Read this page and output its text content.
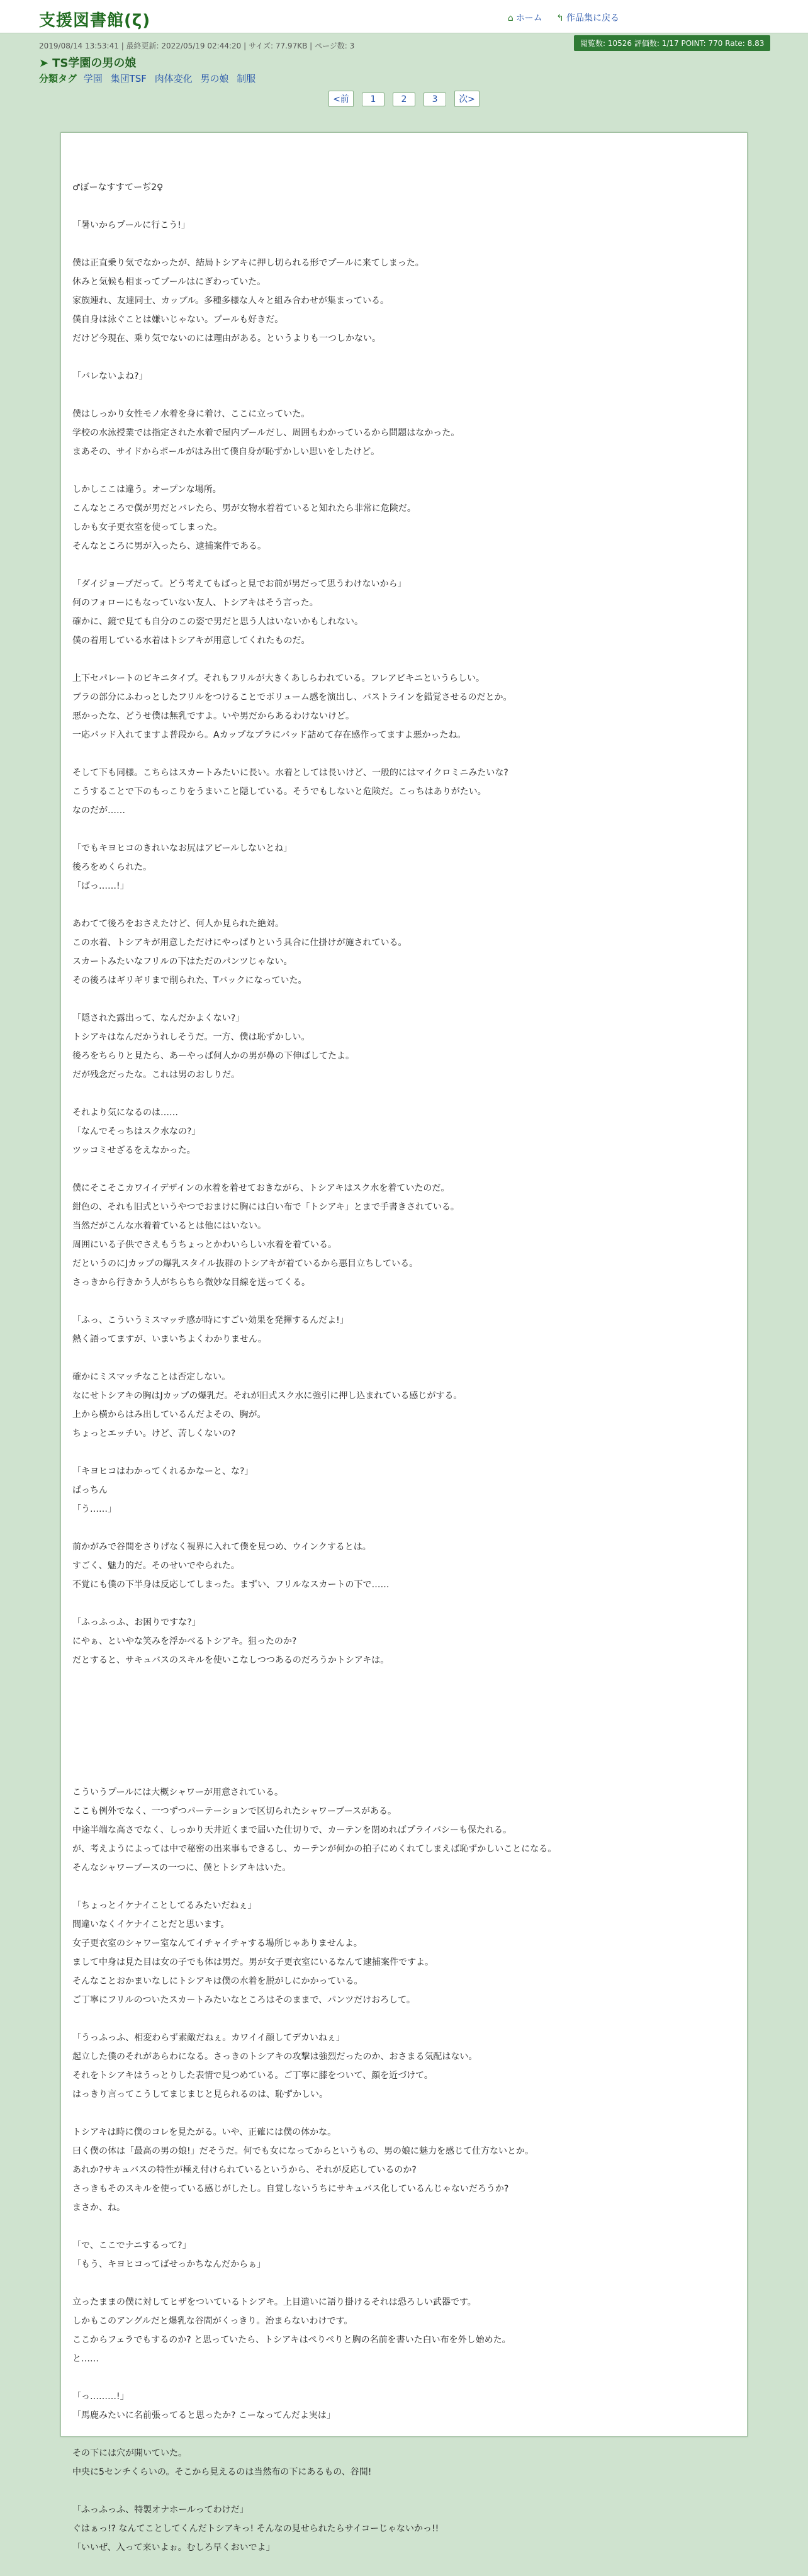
支援図書館(ζ)	⌂ ホーム ↰ 作品集に戻る
閲覧数: 10526 評価数: 1/17 POINT: 770 Rate: 8.83
2019/08/14 13:53:41 | 最終更新: 2022/05/19 02:44:20 | サイズ: 77.97KB | ページ数: 3
➤ TS学園の男の娘
分類タグ 学園 集団TSF 肉体変化 男の娘 制服
<前 1	2	3 次>
♂ぼーなすすてーぢ2♀
「暑いからプールに行こう!」
僕は正直乗り気でなかったが、結局トシアキに押し切られる形でプールに来てしまった。
休みと気候も相まってプールはにぎわっていた。
家族連れ、友達同士、カップル。多種多様な人々と組み合わせが集まっている。
僕自身は泳ぐことは嫌いじゃない。プールも好きだ。
だけど今現在、乗り気でないのには理由がある。というよりも一つしかない。
「バレないよね?」
僕はしっかり女性モノ水着を身に着け、ここに立っていた。
学校の水泳授業では指定された水着で屋内プールだし、周囲もわかっているから問題はなかった。
まあその、サイドからポールがはみ出て僕自身が恥ずかしい思いをしたけど。
しかしここは違う。オープンな場所。
こんなところで僕が男だとバレたら、男が女物水着着ていると知れたら非常に危険だ。
しかも女子更衣室を使ってしまった。
そんなところに男が入ったら、逮捕案件である。
「ダイジョーブだって。どう考えてもぱっと見でお前が男だって思うわけないから」
何のフォローにもなっていない友人、トシアキはそう言った。
確かに、鏡で見ても自分のこの姿で男だと思う人はいないかもしれない。
僕の着用している水着はトシアキが用意してくれたものだ。
上下セパレートのビキニタイプ。それもフリルが大きくあしらわれている。フレアビキニというらしい。
ブラの部分にふわっとしたフリルをつけることでボリューム感を演出し、バストラインを錯覚させるのだとか。
悪かったな、どうせ僕は無乳ですよ。いや男だからあるわけないけど。
一応パッド入れてますよ普段から。Aカップなブラにパッド詰めて存在感作ってますよ悪かったね。
そして下も同様。こちらはスカートみたいに長い。水着としては長いけど、一般的にはマイクロミニみたいな?
こうすることで下のもっこりをうまいこと隠している。そうでもしないと危険だ。こっちはありがたい。
なのだが……
「でもキヨヒコのきれいなお尻はアピールしないとね」
後ろをめくられた。
「ばっ……!」
あわてて後ろをおさえたけど、何人か見られた絶対。
この水着、トシアキが用意しただけにやっぱりという具合に仕掛けが施されている。
スカートみたいなフリルの下はただのパンツじゃない。
その後ろはギリギリまで削られた、Tバックになっていた。
「隠された露出って、なんだかよくない?」
トシアキはなんだかうれしそうだ。一方、僕は恥ずかしい。
後ろをちらりと見たら、あーやっぱ何人かの男が鼻の下伸ばしてたよ。
だが残念だったな。これは男のおしりだ。
それより気になるのは……
「なんでそっちはスク水なの?」
ツッコミせざるをえなかった。
僕にそこそこカワイイデザインの水着を着せておきながら、トシアキはスク水を着ていたのだ。
紺色の、それも旧式というやつでおまけに胸には白い布で「トシアキ」とまで手書きされている。
当然だがこんな水着着ているとは他にはいない。
周囲にいる子供でさえもうちょっとかわいらしい水着を着ている。
だというのにJカップの爆乳スタイル抜群のトシアキが着ているから悪目立ちしている。
さっきから行きかう人がちらちら微妙な目線を送ってくる。
「ふっ、こういうミスマッチ感が時にすごい効果を発揮するんだよ!」
熱く語ってますが、いまいちよくわかりません。
確かにミスマッチなことは否定しない。
なにせトシアキの胸はJカップの爆乳だ。それが旧式スク水に強引に押し込まれている感じがする。
上から横からはみ出しているんだよその、胸が。
ちょっとエッチい。けど、苦しくないの?
「キヨヒコはわかってくれるかなーと、な?」
ぱっちん
「う……」
前かがみで谷間をさりげなく視界に入れて僕を見つめ、ウインクするとは。
すごく、魅力的だ。そのせいでやられた。
不覚にも僕の下半身は反応してしまった。まずい、フリルなスカートの下で……
「ふっふっふ、お困りですな?」
にやぁ、といやな笑みを浮かべるトシアキ。狙ったのか?
だとすると、サキュバスのスキルを使いこなしつつあるのだろうかトシアキは。
こういうプールには大概シャワーが用意されている。
ここも例外でなく、一つずつパーテーションで区切られたシャワーブースがある。
中途半端な高さでなく、しっかり天井近くまで届いた仕切りで、カーテンを閉めればプライバシーも保たれる。
が、考えようによっては中で秘密の出来事もできるし、カーテンが何かの拍子にめくれてしまえば恥ずかしいことになる。
そんなシャワーブースの一つに、僕とトシアキはいた。
「ちょっとイケナイことしてるみたいだねぇ」
間違いなくイケナイことだと思います。
女子更衣室のシャワー室なんてイチャイチャする場所じゃありませんよ。
まして中身は見た目は女の子でも体は男だ。男が女子更衣室にいるなんて逮捕案件ですよ。
そんなことおかまいなしにトシアキは僕の水着を脱がしにかかっている。
ご丁寧にフリルのついたスカートみたいなところはそのままで、パンツだけおろして。
「うっふっふ、相変わらず素敵だねぇ。カワイイ顔してデカいねぇ」
起立した僕のそれがあらわになる。さっきのトシアキの攻撃は強烈だったのか、おさまる気配はない。
それをトシアキはうっとりした表情で見つめている。ご丁寧に膝をついて、顔を近づけて。
はっきり言ってこうしてまじまじと見られるのは、恥ずかしい。
トシアキは時に僕のコレを見たがる。いや、正確には僕の体かな。
曰く僕の体は「最高の男の娘!」だそうだ。何でも女になってからというもの、男の娘に魅力を感じて仕方ないとか。
あれか?サキュバスの特性が極え付けられているというから、それが反応しているのか?
さっきもそのスキルを使っている感じがしたし。自覚しないうちにサキュバス化しているんじゃないだろうか?
まさか、ね。
「で、ここでナニするって?」
「もう、キヨヒコってばせっかちなんだからぁ」
立ったままの僕に対してヒザをついているトシアキ。上目遣いに語り掛けるそれは恐ろしい武器です。
しかもこのアングルだと爆乳な谷間がくっきり。治まらないわけです。
ここからフェラでもするのか? と思っていたら、トシアキはぺりぺりと胸の名前を書いた白い布を外し始めた。
と……
「っ………!」
「馬鹿みたいに名前張ってると思ったか? こーなってんだよ実は」
その下には穴が開いていた。
中央に5センチくらいの。そこから見えるのは当然布の下にあるもの、谷間!
「ふっふっふ、特製オナホールってわけだ」
ぐはぁっ!? なんてことしてくんだトシアキっ! そんなの見せられたらサイコーじゃないかっ!!
「いいぜ、入って来いよぉ。むしろ早くおいでよ」
